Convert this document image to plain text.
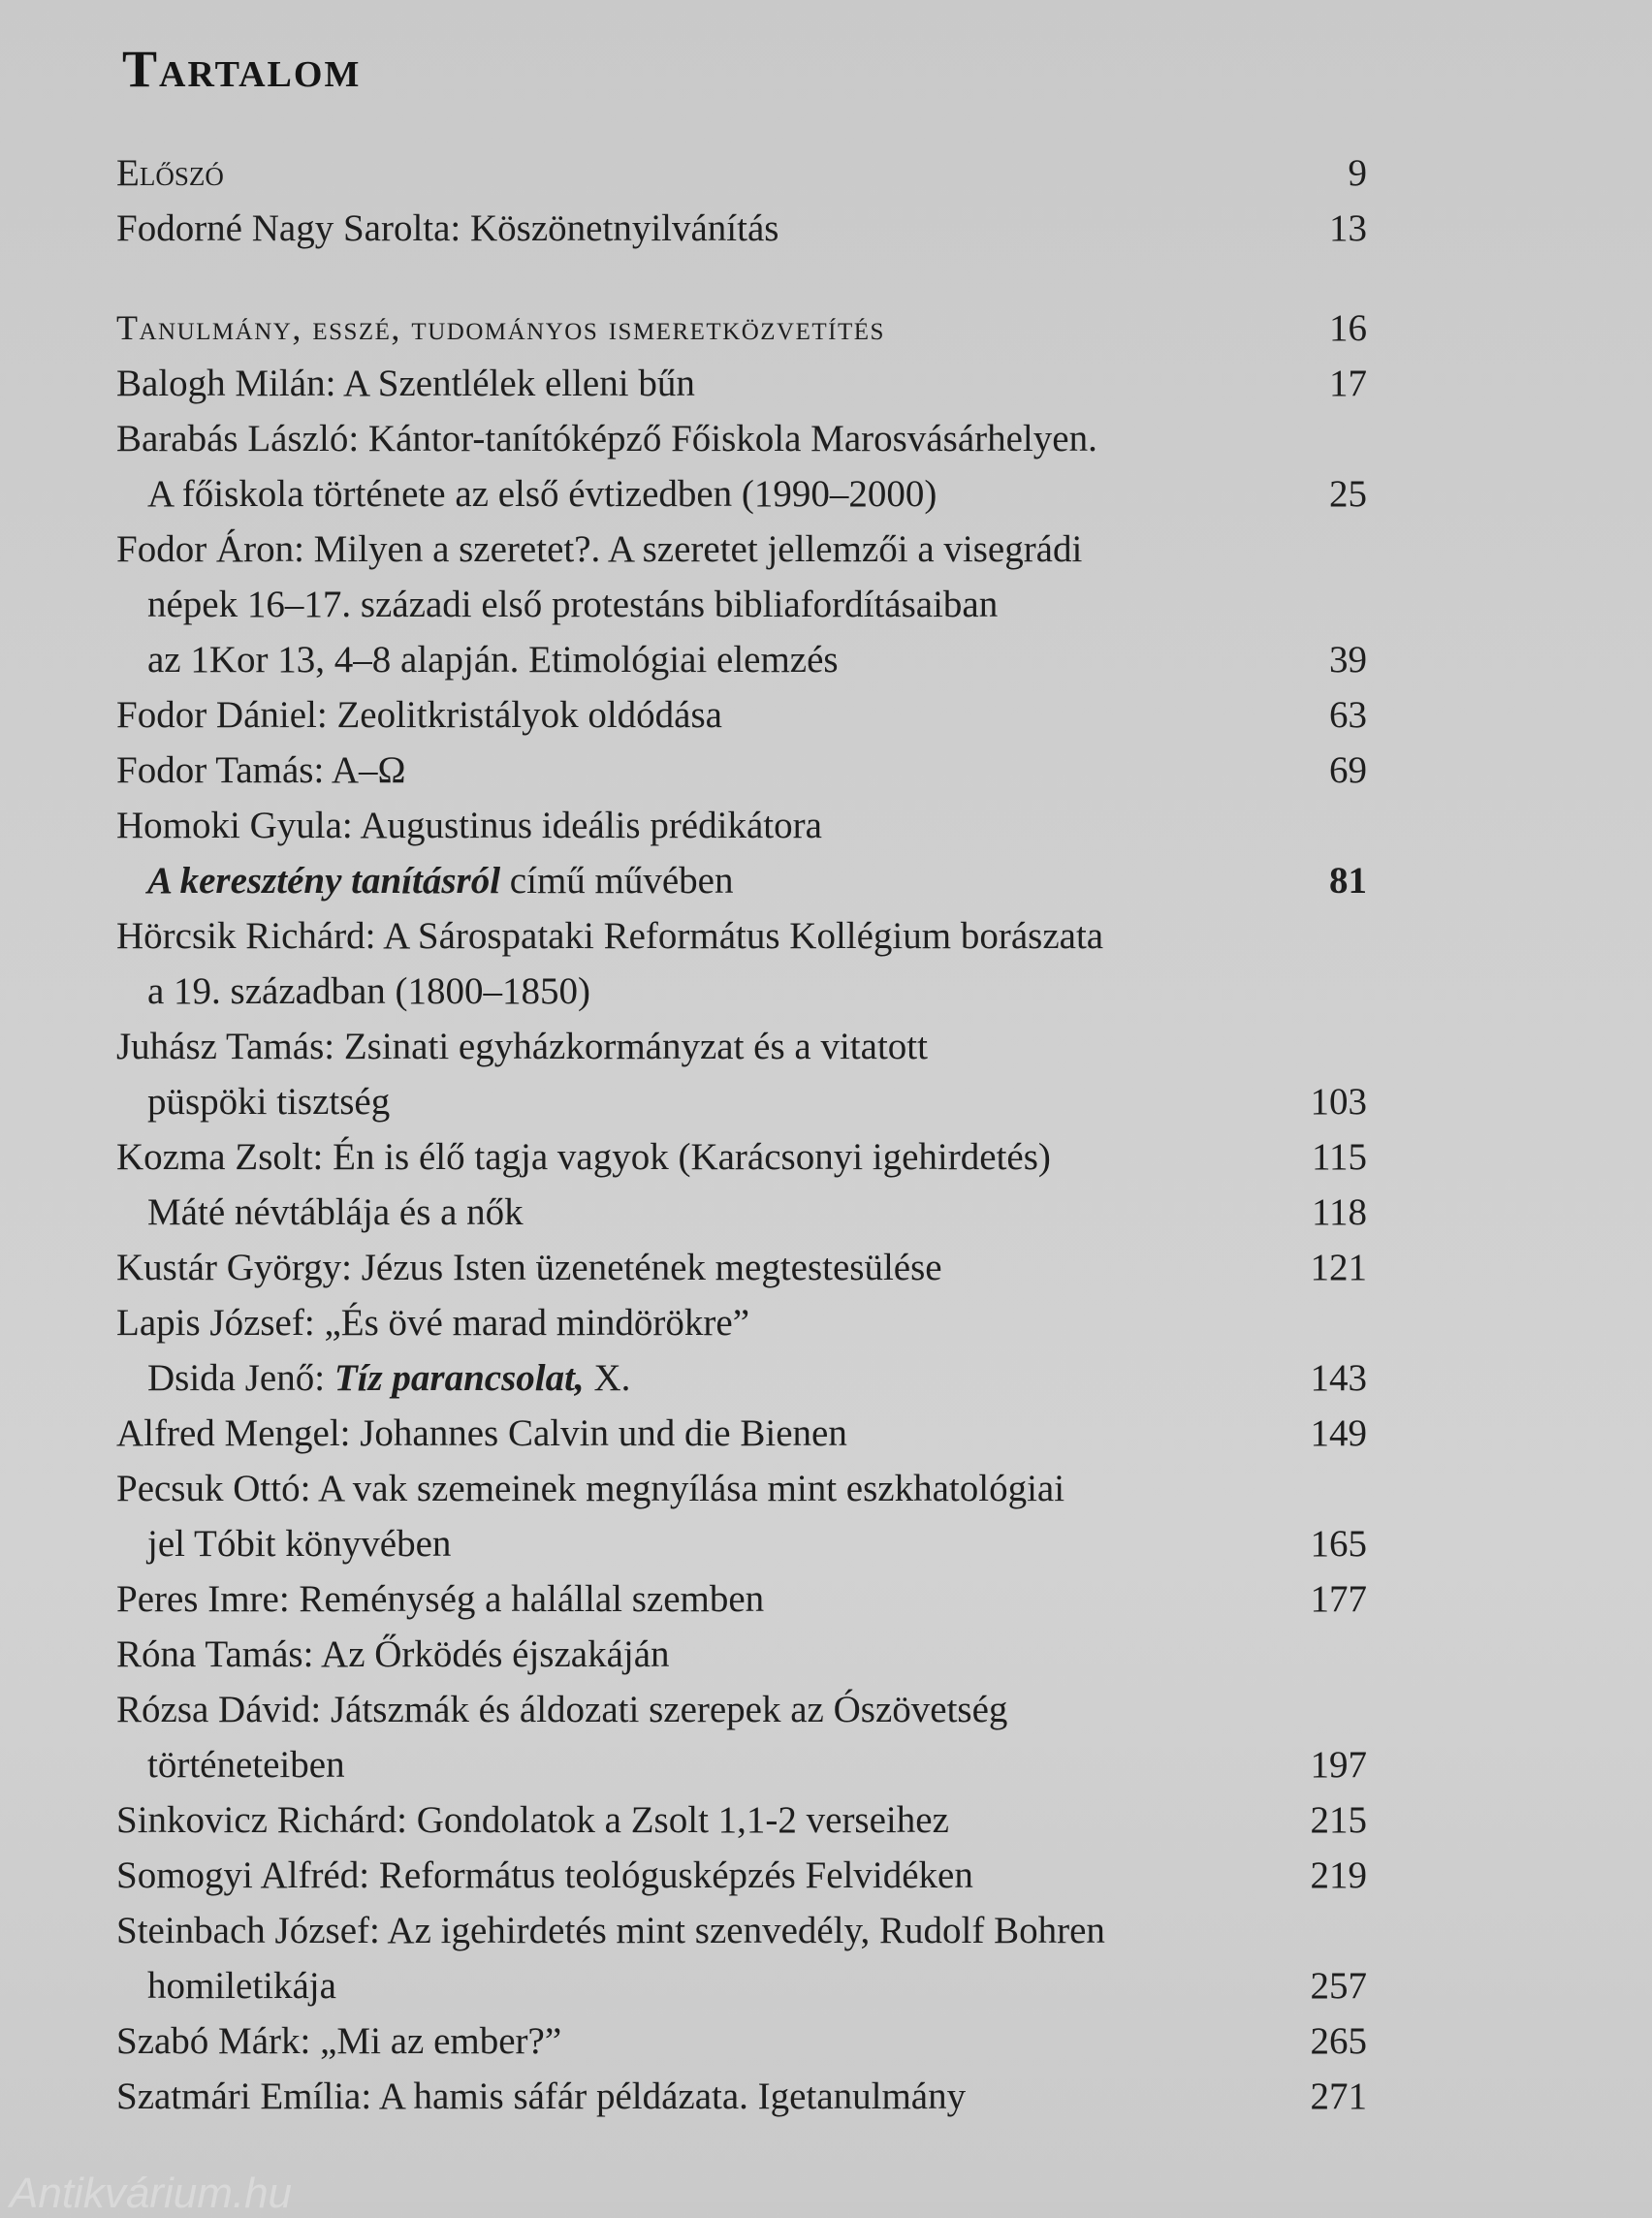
Tartalom
Előszó	9
Fodorné Nagy Sarolta: Köszönetnyilvánítás	13
Tanulmány, esszé, tudományos ismeretközvetítés	16
Balogh Milán: A Szentlélek elleni bűn	17
Barabás László: Kántor-tanítóképző Főiskola Marosvásárhelyen.
A főiskola története az első évtizedben (1990–2000)	25
Fodor Áron: Milyen a szeretet?. A szeretet jellemzői a visegrádi
népek 16–17. századi első protestáns bibliafordításaiban
az 1Kor 13, 4–8 alapján. Etimológiai elemzés	39
Fodor Dániel: Zeolitkristályok oldódása	63
Fodor Tamás: A–Ω	69
Homoki Gyula: Augustinus ideális prédikátora
A keresztény tanításról című művében	81
Hörcsik Richárd: A Sárospataki Református Kollégium borászata
a 19. században (1800–1850)
Juhász Tamás: Zsinati egyházkormányzat és a vitatott
püspöki tisztség	103
Kozma Zsolt: Én is élő tagja vagyok (Karácsonyi igehirdetés)	115
Máté névtáblája és a nők	118
Kustár György: Jézus Isten üzenetének megtestesülése	121
Lapis József: „És övé marad mindörökre”
Dsida Jenő: Tíz parancsolat, X.	143
Alfred Mengel: Johannes Calvin und die Bienen	149
Pecsuk Ottó: A vak szemeinek megnyílása mint eszkhatológiai
jel Tóbit könyvében	165
Peres Imre: Reménység a halállal szemben	177
Róna Tamás: Az Őrködés éjszakáján
Rózsa Dávid: Játszmák és áldozati szerepek az Ószövetség
történeteiben	197
Sinkovicz Richárd: Gondolatok a Zsolt 1,1-2 verseihez	215
Somogyi Alfréd: Református teológusképzés Felvidéken	219
Steinbach József: Az igehirdetés mint szenvedély, Rudolf Bohren
homiletikája	257
Szabó Márk: „Mi az ember?”	265
Szatmári Emília: A hamis sáfár példázata. Igetanulmány	271
Antikvárium.hu
